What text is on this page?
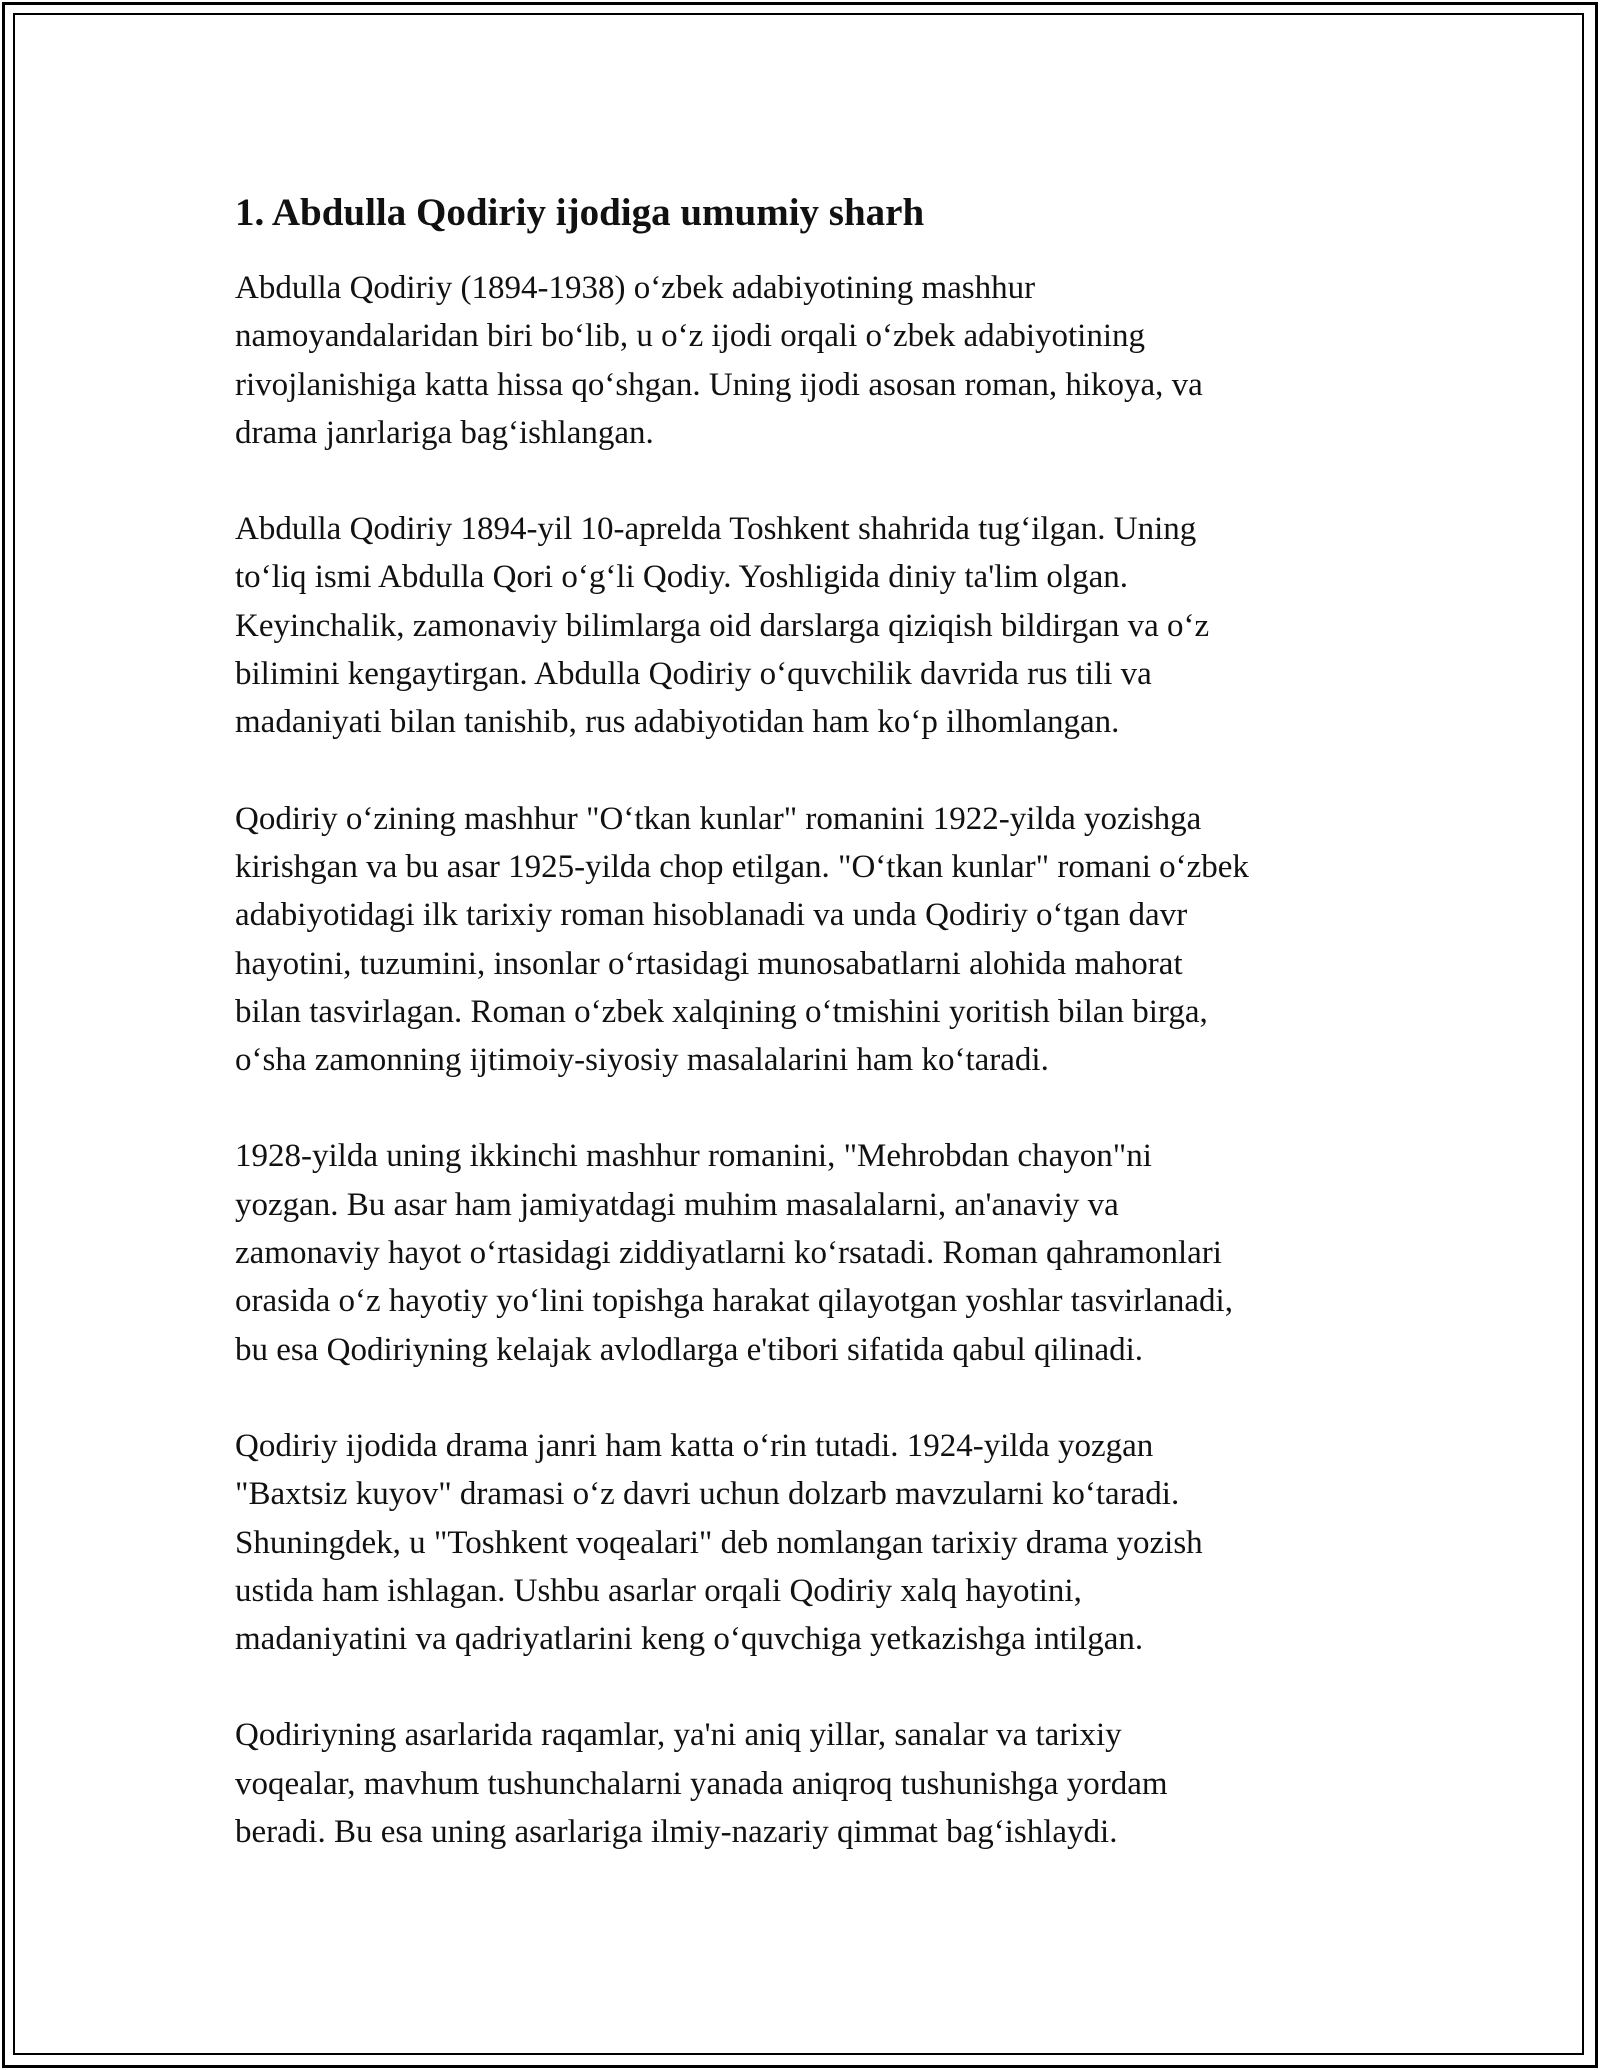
1. Abdulla Qodiriy ijodiga umumiy sharh

Abdulla Qodiriy (1894-1938) o‘zbek adabiyotining mashhur
namoyandalaridan biri bo‘lib, u o‘z ijodi orqali o‘zbek adabiyotining
rivojlanishiga katta hissa qo‘shgan. Uning ijodi asosan roman, hikoya, va
drama janrlariga bag‘ishlangan.

Abdulla Qodiriy 1894-yil 10-aprelda Toshkent shahrida tug‘ilgan. Uning
to‘liq ismi Abdulla Qori o‘g‘li Qodiy. Yoshligida diniy ta'lim olgan.
Keyinchalik, zamonaviy bilimlarga oid darslarga qiziqish bildirgan va o‘z
bilimini kengaytirgan. Abdulla Qodiriy o‘quvchilik davrida rus tili va
madaniyati bilan tanishib, rus adabiyotidan ham ko‘p ilhomlangan.

Qodiriy o‘zining mashhur "O‘tkan kunlar" romanini 1922-yilda yozishga
kirishgan va bu asar 1925-yilda chop etilgan. "O‘tkan kunlar" romani o‘zbek
adabiyotidagi ilk tarixiy roman hisoblanadi va unda Qodiriy o‘tgan davr
hayotini, tuzumini, insonlar o‘rtasidagi munosabatlarni alohida mahorat
bilan tasvirlagan. Roman o‘zbek xalqining o‘tmishini yoritish bilan birga,
o‘sha zamonning ijtimoiy-siyosiy masalalarini ham ko‘taradi.

1928-yilda uning ikkinchi mashhur romanini, "Mehrobdan chayon"ni
yozgan. Bu asar ham jamiyatdagi muhim masalalarni, an'anaviy va
zamonaviy hayot o‘rtasidagi ziddiyatlarni ko‘rsatadi. Roman qahramonlari
orasida o‘z hayotiy yo‘lini topishga harakat qilayotgan yoshlar tasvirlanadi,
bu esa Qodiriyning kelajak avlodlarga e'tibori sifatida qabul qilinadi.

Qodiriy ijodida drama janri ham katta o‘rin tutadi. 1924-yilda yozgan
"Baxtsiz kuyov" dramasi o‘z davri uchun dolzarb mavzularni ko‘taradi.
Shuningdek, u "Toshkent voqealari" deb nomlangan tarixiy drama yozish
ustida ham ishlagan. Ushbu asarlar orqali Qodiriy xalq hayotini,
madaniyatini va qadriyatlarini keng o‘quvchiga yetkazishga intilgan.

Qodiriyning asarlarida raqamlar, ya'ni aniq yillar, sanalar va tarixiy
voqealar, mavhum tushunchalarni yanada aniqroq tushunishga yordam
beradi. Bu esa uning asarlariga ilmiy-nazariy qimmat bag‘ishlaydi.
